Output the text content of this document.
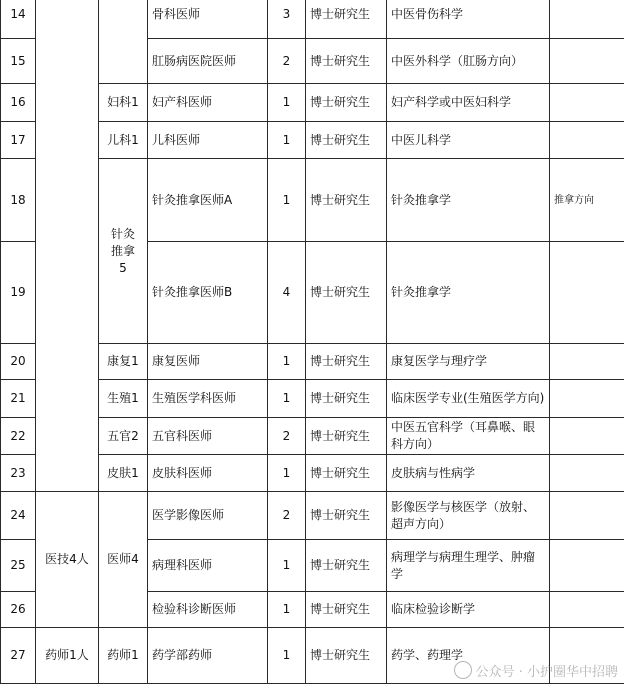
14			骨科医师	3	博士研究生	中医骨伤科学	
15			肛肠病医院医师	2	博士研究生	中医外科学（肛肠方向）	
16		妇科1	妇产科医师	1	博士研究生	妇产科学或中医妇科学	
17		儿科1	儿科医师	1	博士研究生	中医儿科学	
18		针灸推拿5	针灸推拿医师A	1	博士研究生	针灸推拿学	推拿方向
19			针灸推拿医师B	4	博士研究生	针灸推拿学	
20		康复1	康复医师	1	博士研究生	康复医学与理疗学	
21		生殖1	生殖医学科医师	1	博士研究生	临床医学专业(生殖医学方向)	
22		五官2	五官科医师	2	博士研究生	中医五官科学（耳鼻喉、眼科方向）	
23		皮肤1	皮肤科医师	1	博士研究生	皮肤病与性病学	
24	医技4人	医师4	医学影像医师	2	博士研究生	影像医学与核医学（放射、超声方向）	
25			病理科医师	1	博士研究生	病理学与病理生理学、肿瘤学	
26			检验科诊断医师	1	博士研究生	临床检验诊断学	
27	药师1人	药师1	药学部药师	1	博士研究生	药学、药理学	
公众号 · 小护圈华中招聘
